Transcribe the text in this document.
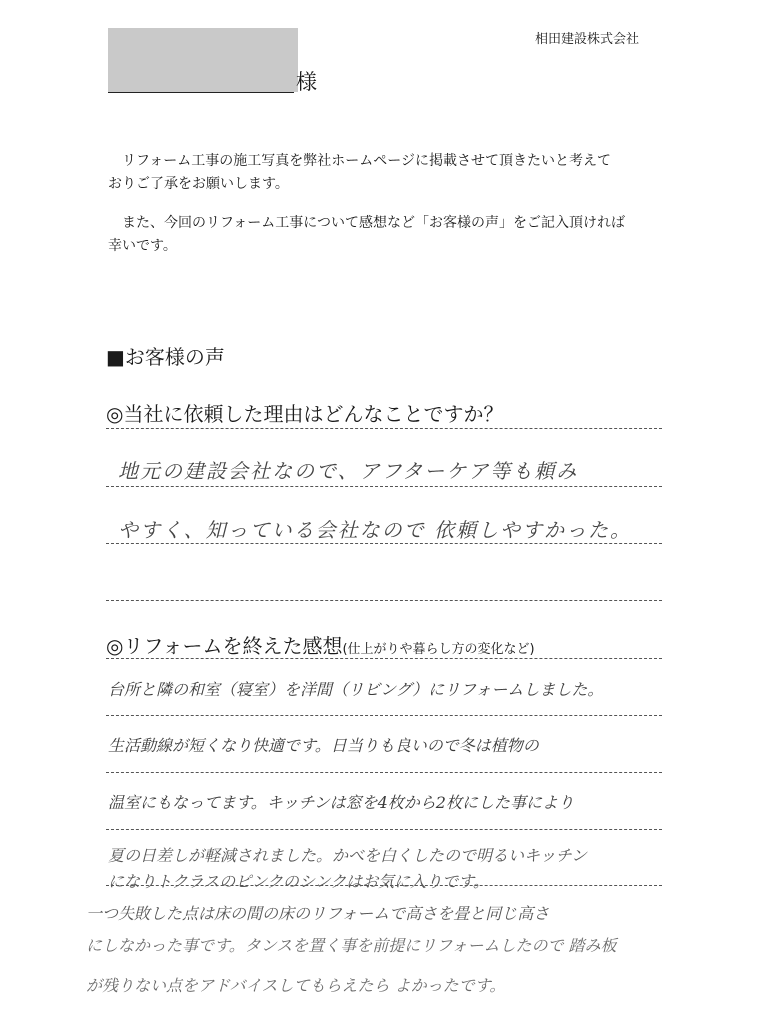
相田建設株式会社
様
リフォーム工事の施工写真を弊社ホームページに掲載させて頂きたいと考えて
おりご了承をお願いします。
また、今回のリフォーム工事について感想など「お客様の声」をご記入頂ければ
幸いです。
■お客様の声
◎当社に依頼した理由はどんなことですか？
地元の建設会社なので、アフターケア等も頼み
やすく、知っている会社なので 依頼しやすかった。
◎リフォームを終えた感想(仕上がりや暮らし方の変化など)
台所と隣の和室（寝室）を洋間（リビング）にリフォームしました。
生活動線が短くなり快適です。日当りも良いので冬は植物の
温室にもなってます。キッチンは窓を4枚から2枚にした事により
夏の日差しが軽減されました。かべを白くしたので明るいキッチン
になりトクラスのピンクのシンクはお気に入りです。
一つ失敗した点は床の間の床のリフォームで高さを畳と同じ高さ
にしなかった事です。タンスを置く事を前提にリフォームしたので 踏み板
が残りない点をアドバイスしてもらえたら よかったです。
